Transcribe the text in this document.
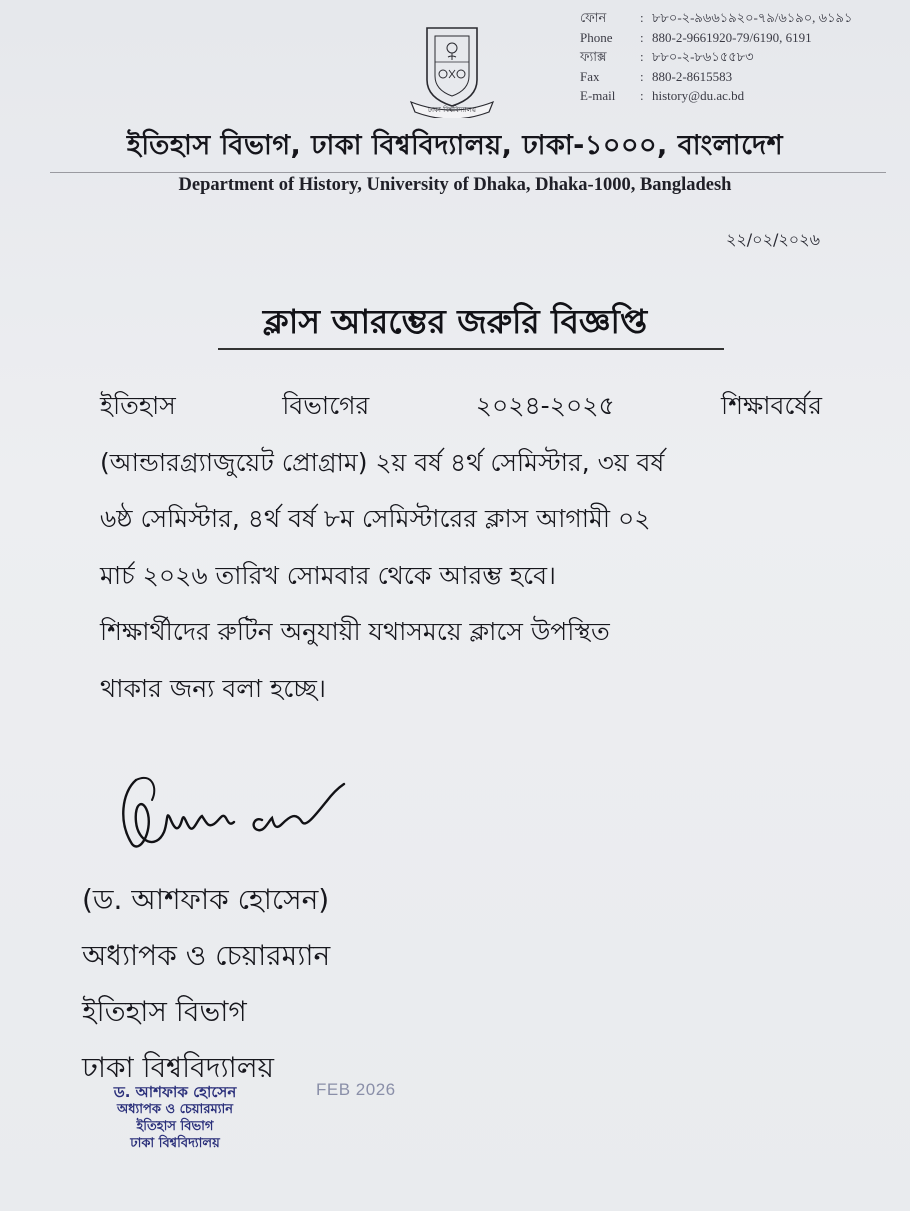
ঢাকা বিশ্ববিদ্যালয়
ফোন	: ৮৮০-২-৯৬৬১৯২০-৭৯/৬১৯০, ৬১৯১
Phone	: 880-2-9661920-79/6190, 6191
ফ্যাক্স	: ৮৮০-২-৮৬১৫৫৮৩
Fax	: 880-2-8615583
E-mail	: history@du.ac.bd
ইতিহাস বিভাগ, ঢাকা বিশ্ববিদ্যালয়, ঢাকা-১০০০, বাংলাদেশ
Department of History, University of Dhaka, Dhaka-1000, Bangladesh
২২/০২/২০২৬
ক্লাস আরম্ভের জরুরি বিজ্ঞপ্তি
ইতিহাস	বিভাগের	২০২৪-২০২৫	শিক্ষাবর্ষের
(আন্ডারগ্র্যাজুয়েট প্রোগ্রাম) ২য় বর্ষ ৪র্থ সেমিস্টার, ৩য় বর্ষ
৬ষ্ঠ সেমিস্টার, ৪র্থ বর্ষ ৮ম সেমিস্টারের ক্লাস আগামী ০২
মার্চ ২০২৬ তারিখ সোমবার থেকে আরম্ভ হবে।
শিক্ষার্থীদের রুটিন অনুযায়ী যথাসময়ে ক্লাসে উপস্থিত
থাকার জন্য বলা হচ্ছে।
(ড. আশফাক হোসেন)
অধ্যাপক ও চেয়ারম্যান
ইতিহাস বিভাগ
ঢাকা বিশ্ববিদ্যালয়
ড. আশফাক হোসেন
অধ্যাপক ও চেয়ারম্যান
ইতিহাস বিভাগ
ঢাকা বিশ্ববিদ্যালয়
FEB 2026
